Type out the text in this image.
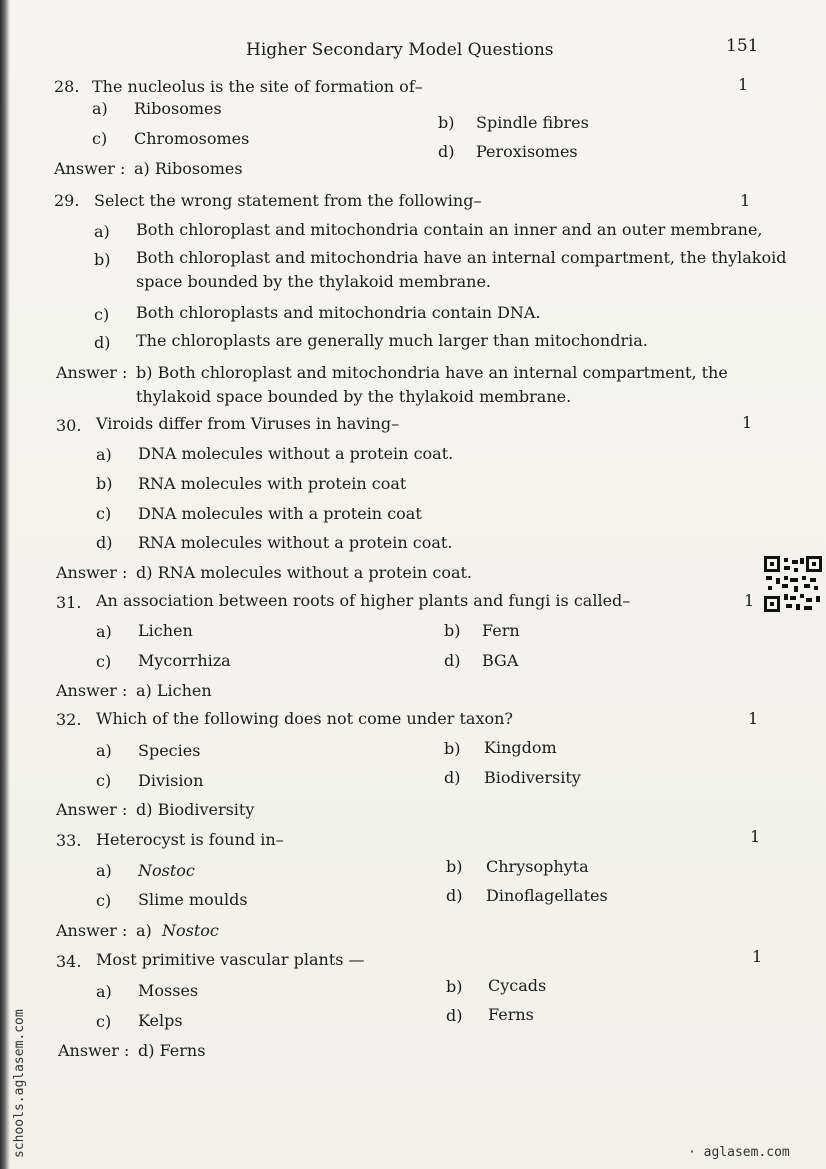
Higher Secondary Model Questions	151
28. The nucleolus is the site of formation of–	1
a) Ribosomes
b) Spindle fibres
c) Chromosomes
d) Peroxisomes
Answer : a) Ribosomes
29. Select the wrong statement from the following–	1
a) Both chloroplast and mitochondria contain an inner and an outer membrane,
b) Both chloroplast and mitochondria have an internal compartment, the thylakoid
space bounded by the thylakoid membrane.
c) Both chloroplasts and mitochondria contain DNA.
d) The chloroplasts are generally much larger than mitochondria.
Answer : b) Both chloroplast and mitochondria have an internal compartment, the
thylakoid space bounded by the thylakoid membrane.
30. Viroids differ from Viruses in having–	1
a) DNA molecules without a protein coat.
b) RNA molecules with protein coat
c) DNA molecules with a protein coat
d) RNA molecules without a protein coat.
Answer : d) RNA molecules without a protein coat.
31. An association between roots of higher plants and fungi is called–	1
a) Lichen	b) Fern
c) Mycorrhiza	d) BGA
Answer : a) Lichen
32. Which of the following does not come under taxon?	1
a) Species	b) Kingdom
c) Division	d) Biodiversity
Answer : d) Biodiversity
33. Heterocyst is found in–	1
a) Nostoc	b) Chrysophyta
c) Slime moulds	d) Dinoflagellates
Answer : a) Nostoc
34. Most primitive vascular plants —	1
a) Mosses	b) Cycads
c) Kelps	d) Ferns
Answer : d) Ferns
schools.aglasem.com	· aglasem.com
